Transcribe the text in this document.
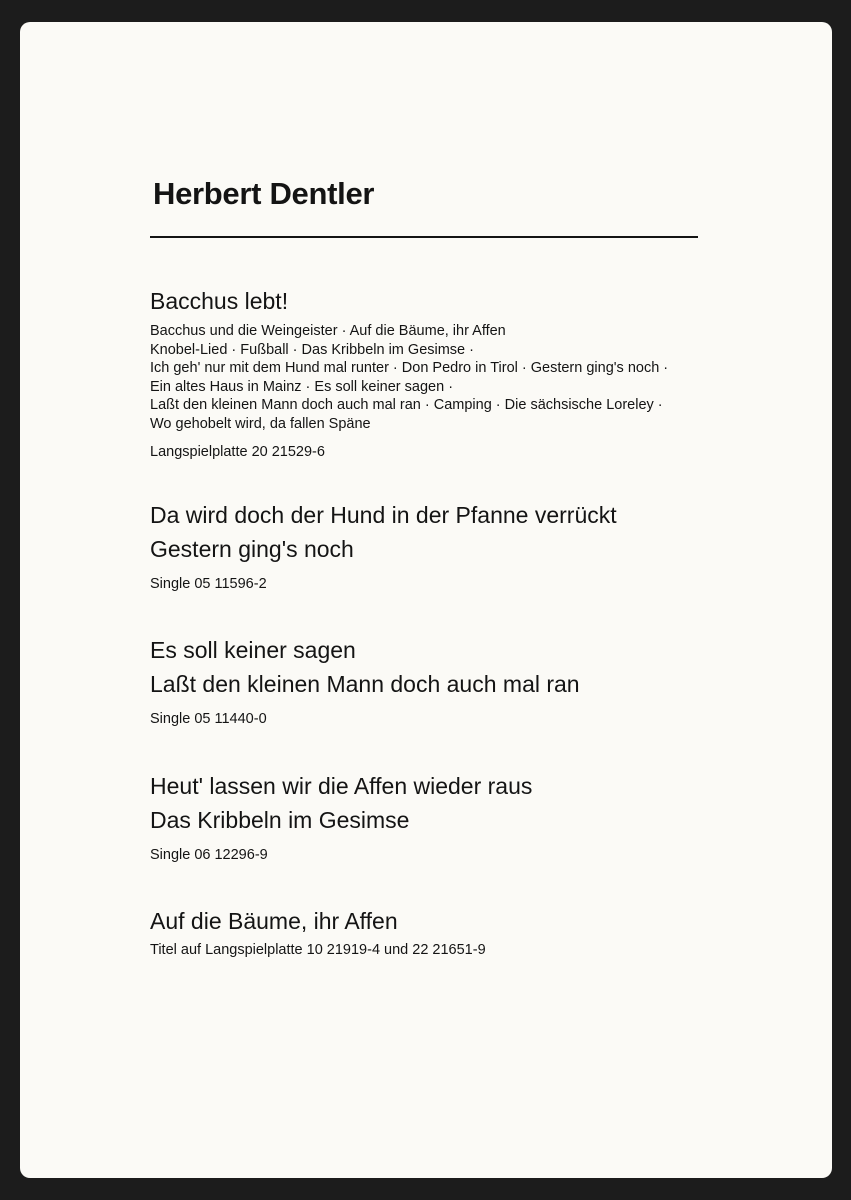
Herbert Dentler

Bacchus lebt!

Bacchus und die Weingeister · Auf die Bäume, ihr Affen
Knobel-Lied · Fußball · Das Kribbeln im Gesimse · Ich geh' nur mit dem Hund mal runter · Don Pedro in Tirol · Gestern ging's noch · Ein altes Haus in Mainz · Es soll keiner sagen · Laßt den kleinen Mann doch auch mal ran · Camping · Die sächsische Loreley · Wo gehobelt wird, da fallen Späne
Langspielplatte 20 21529-6

Da wird doch der Hund in der Pfanne verrückt

Gestern ging's noch

Single 05 11596-2

Es soll keiner sagen

Laßt den kleinen Mann doch auch mal ran

Single 05 11440-0

Heut' lassen wir die Affen wieder raus

Das Kribbeln im Gesimse

Single 06 12296-9

Auf die Bäume, ihr Affen

Titel auf Langspielplatte 10 21919-4 und 22 21651-9
